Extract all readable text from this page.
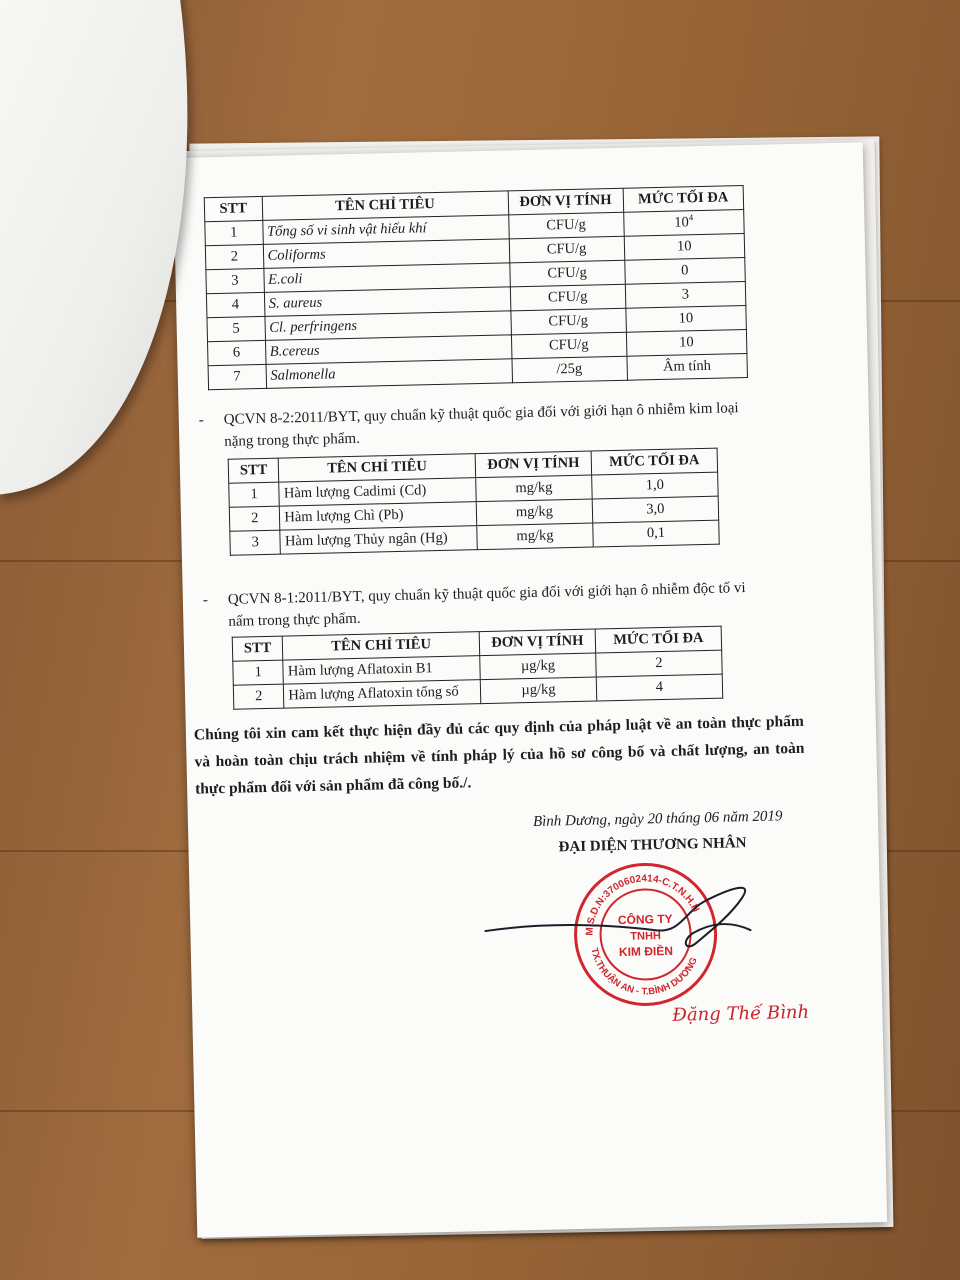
STT	TÊN CHỈ TIÊU	ĐƠN VỊ TÍNH	MỨC TỐI ĐA
1	Tổng số vi sinh vật hiếu khí	CFU/g	$10^4$
2	Coliforms	CFU/g	10
3	E.coli	CFU/g	0
4	S. aureus	CFU/g	3
5	Cl. perfringens	CFU/g	10
6	B.cereus	CFU/g	10
7	Salmonella	/25g	Âm tính
-	QCVN 8-2:2011/BYT, quy chuẩn kỹ thuật quốc gia đối với giới hạn ô nhiễm kim loại
nặng trong thực phẩm.
STT	TÊN CHỈ TIÊU	ĐƠN VỊ TÍNH	MỨC TỐI ĐA
1	Hàm lượng Cadimi (Cd)	mg/kg	1,0
2	Hàm lượng Chì (Pb)	mg/kg	3,0
3	Hàm lượng Thủy ngân (Hg)	mg/kg	0,1
-	QCVN 8-1:2011/BYT, quy chuẩn kỹ thuật quốc gia đối với giới hạn ô nhiễm độc tố vi
nấm trong thực phẩm.
STT	TÊN CHỈ TIÊU	ĐƠN VỊ TÍNH	MỨC TỐI ĐA
1	Hàm lượng Aflatoxin B1	µg/kg	2
2	Hàm lượng Aflatoxin tổng số	µg/kg	4
Chúng tôi xin cam kết thực hiện đầy đủ các quy định của pháp luật về an toàn thực phẩm và hoàn toàn chịu trách nhiệm về tính pháp lý của hồ sơ công bố và chất lượng, an toàn thực phẩm đối với sản phẩm đã công bố./.
Bình Dương, ngày 20 tháng 06 năm 2019
ĐẠI DIỆN THƯƠNG NHÂN
M.S.D.N:3700602414-C.T.N.H.H
TX.THUẬN AN - T.BÌNH DƯƠNG
CÔNG TY
TNHH
KIM ĐIỀN
Đặng Thế Bình
